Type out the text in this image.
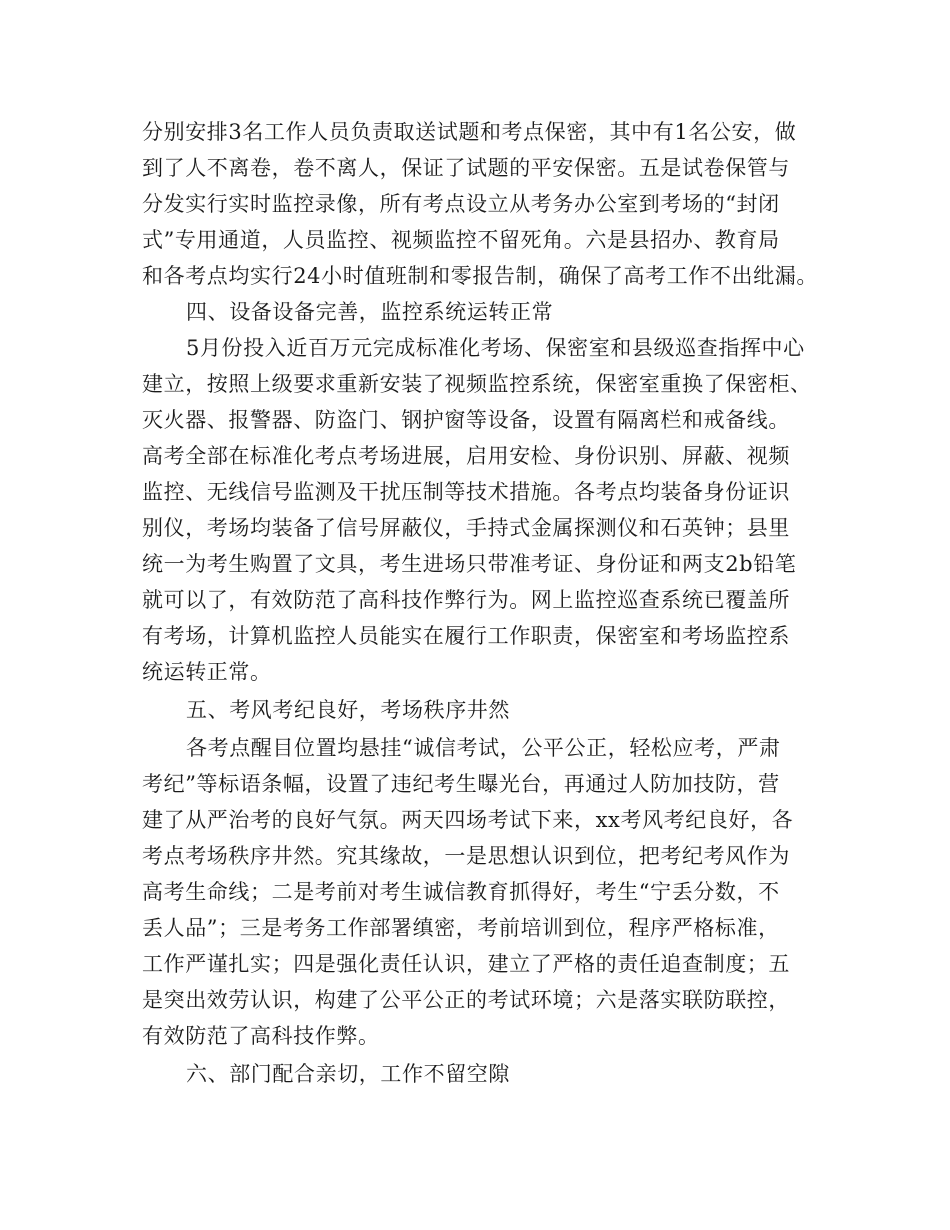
分别安排3名工作人员负责取送试题和考点保密，其中有1名公安，做

到了人不离卷，卷不离人，保证了试题的平安保密。五是试卷保管与

分发实行实时监控录像，所有考点设立从考务办公室到考场的“封闭

式”专用通道，人员监控、视频监控不留死角。六是县招办、教育局

和各考点均实行24小时值班制和零报告制，确保了高考工作不出纰漏。

四、设备设备完善，监控系统运转正常

5月份投入近百万元完成标准化考场、保密室和县级巡查指挥中心

建立，按照上级要求重新安装了视频监控系统，保密室重换了保密柜、

灭火器、报警器、防盗门、钢护窗等设备，设置有隔离栏和戒备线。

高考全部在标准化考点考场进展，启用安检、身份识别、屏蔽、视频

监控、无线信号监测及干扰压制等技术措施。各考点均装备身份证识

别仪，考场均装备了信号屏蔽仪，手持式金属探测仪和石英钟；县里

统一为考生购置了文具，考生进场只带准考证、身份证和两支2b铅笔

就可以了，有效防范了高科技作弊行为。网上监控巡查系统已覆盖所

有考场，计算机监控人员能实在履行工作职责，保密室和考场监控系

统运转正常。

五、考风考纪良好，考场秩序井然

各考点醒目位置均悬挂“诚信考试，公平公正，轻松应考，严肃

考纪”等标语条幅，设置了违纪考生曝光台，再通过人防加技防，营

建了从严治考的良好气氛。两天四场考试下来，xx考风考纪良好，各

考点考场秩序井然。究其缘故，一是思想认识到位，把考纪考风作为

高考生命线；二是考前对考生诚信教育抓得好，考生“宁丢分数，不

丢人品”；三是考务工作部署缜密，考前培训到位，程序严格标准，

工作严谨扎实；四是强化责任认识，建立了严格的责任追查制度；五

是突出效劳认识，构建了公平公正的考试环境；六是落实联防联控，

有效防范了高科技作弊。

六、部门配合亲切，工作不留空隙
